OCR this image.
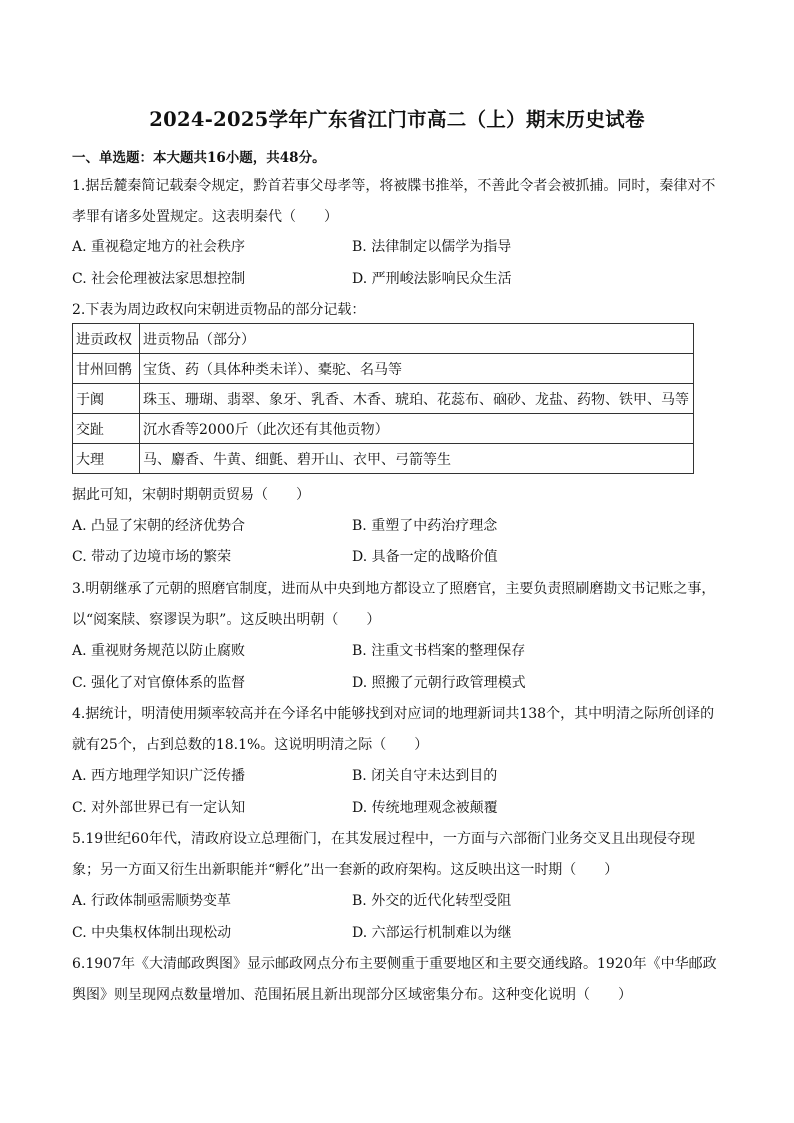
2024-2025学年广东省江门市高二（上）期末历史试卷
一、单选题：本大题共16小题，共48分。
1.据岳麓秦简记载秦令规定，黔首若事父母孝等，将被牒书推举，不善此令者会被抓捕。同时，秦律对不
孝罪有诸多处置规定。这表明秦代（　　）
A. 重视稳定地方的社会秩序	B. 法律制定以儒学为指导
C. 社会伦理被法家思想控制	D. 严刑峻法影响民众生活
2.下表为周边政权向宋朝进贡物品的部分记载：
进贡政权	进贡物品（部分）
甘州回鹘	宝货、药（具体种类未详）、橐驼、名马等
于阗	珠玉、珊瑚、翡翠、象牙、乳香、木香、琥珀、花蕊布、硇砂、龙盐、药物、铁甲、马等
交趾	沉水香等2000斤（此次还有其他贡物）
大理	马、麝香、牛黄、细氈、碧开山、衣甲、弓箭等生
据此可知，宋朝时期朝贡贸易（　　）
A. 凸显了宋朝的经济优势合	B. 重塑了中药治疗理念
C. 带动了边境市场的繁荣	D. 具备一定的战略价值
3.明朝继承了元朝的照磨官制度，进而从中央到地方都设立了照磨官，主要负责照刷磨勘文书记账之事，
以“阅案牍、察谬误为职”。这反映出明朝（　　）
A. 重视财务规范以防止腐败	B. 注重文书档案的整理保存
C. 强化了对官僚体系的监督	D. 照搬了元朝行政管理模式
4.据统计，明清使用频率较高并在今译名中能够找到对应词的地理新词共138个，其中明清之际所创译的
就有25个，占到总数的18.1%。这说明明清之际（　　）
A. 西方地理学知识广泛传播	B. 闭关自守未达到目的
C. 对外部世界已有一定认知	D. 传统地理观念被颠覆
5.19世纪60年代，清政府设立总理衙门，在其发展过程中，一方面与六部衙门业务交叉且出现侵夺现
象；另一方面又衍生出新职能并“孵化”出一套新的政府架构。这反映出这一时期（　　）
A. 行政体制亟需顺势变革	B. 外交的近代化转型受阻
C. 中央集权体制出现松动	D. 六部运行机制难以为继
6.1907年《大清邮政舆图》显示邮政网点分布主要侧重于重要地区和主要交通线路。1920年《中华邮政
舆图》则呈现网点数量增加、范围拓展且新出现部分区域密集分布。这种变化说明（　　）
